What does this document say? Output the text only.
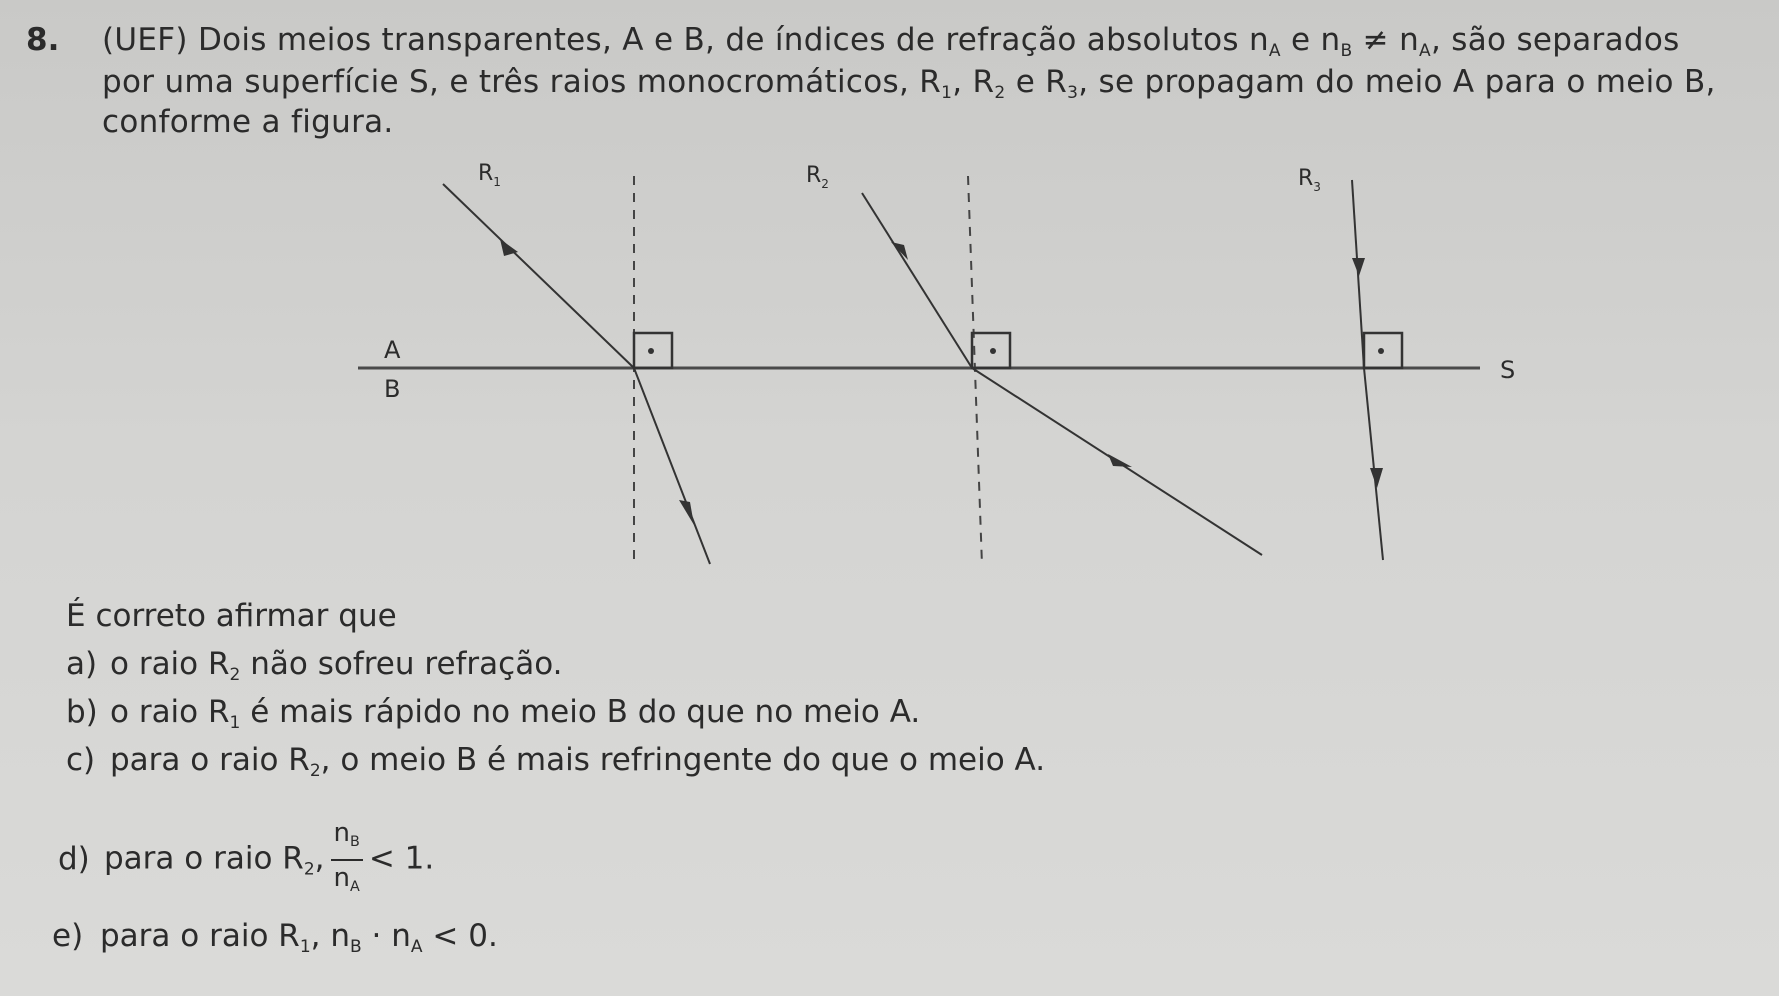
8. (UEF) Dois meios transparentes, A e B, de índices de refração absolutos $n_A$ e $n_B \ne n_A$, são separados
por uma superfície S, e três raios monocromáticos, $R_1$, $R_2$ e $R_3$, se propagam do meio A para o meio B,
conforme a figura.
S
A
B
$R_1$	$R_2$	$R_3$
É correto afirmar que
a) o raio $R_2$ não sofreu refração.
b) o raio $R_1$ é mais rápido no meio B do que no meio A.
c) para o raio $R_2$, o meio B é mais refringente do que o meio A.
d) para o raio $R_2$, $\frac{n_B}{n_A} < 1$.
e) para o raio $R_1$, $n_B \cdot n_A < 0$.
